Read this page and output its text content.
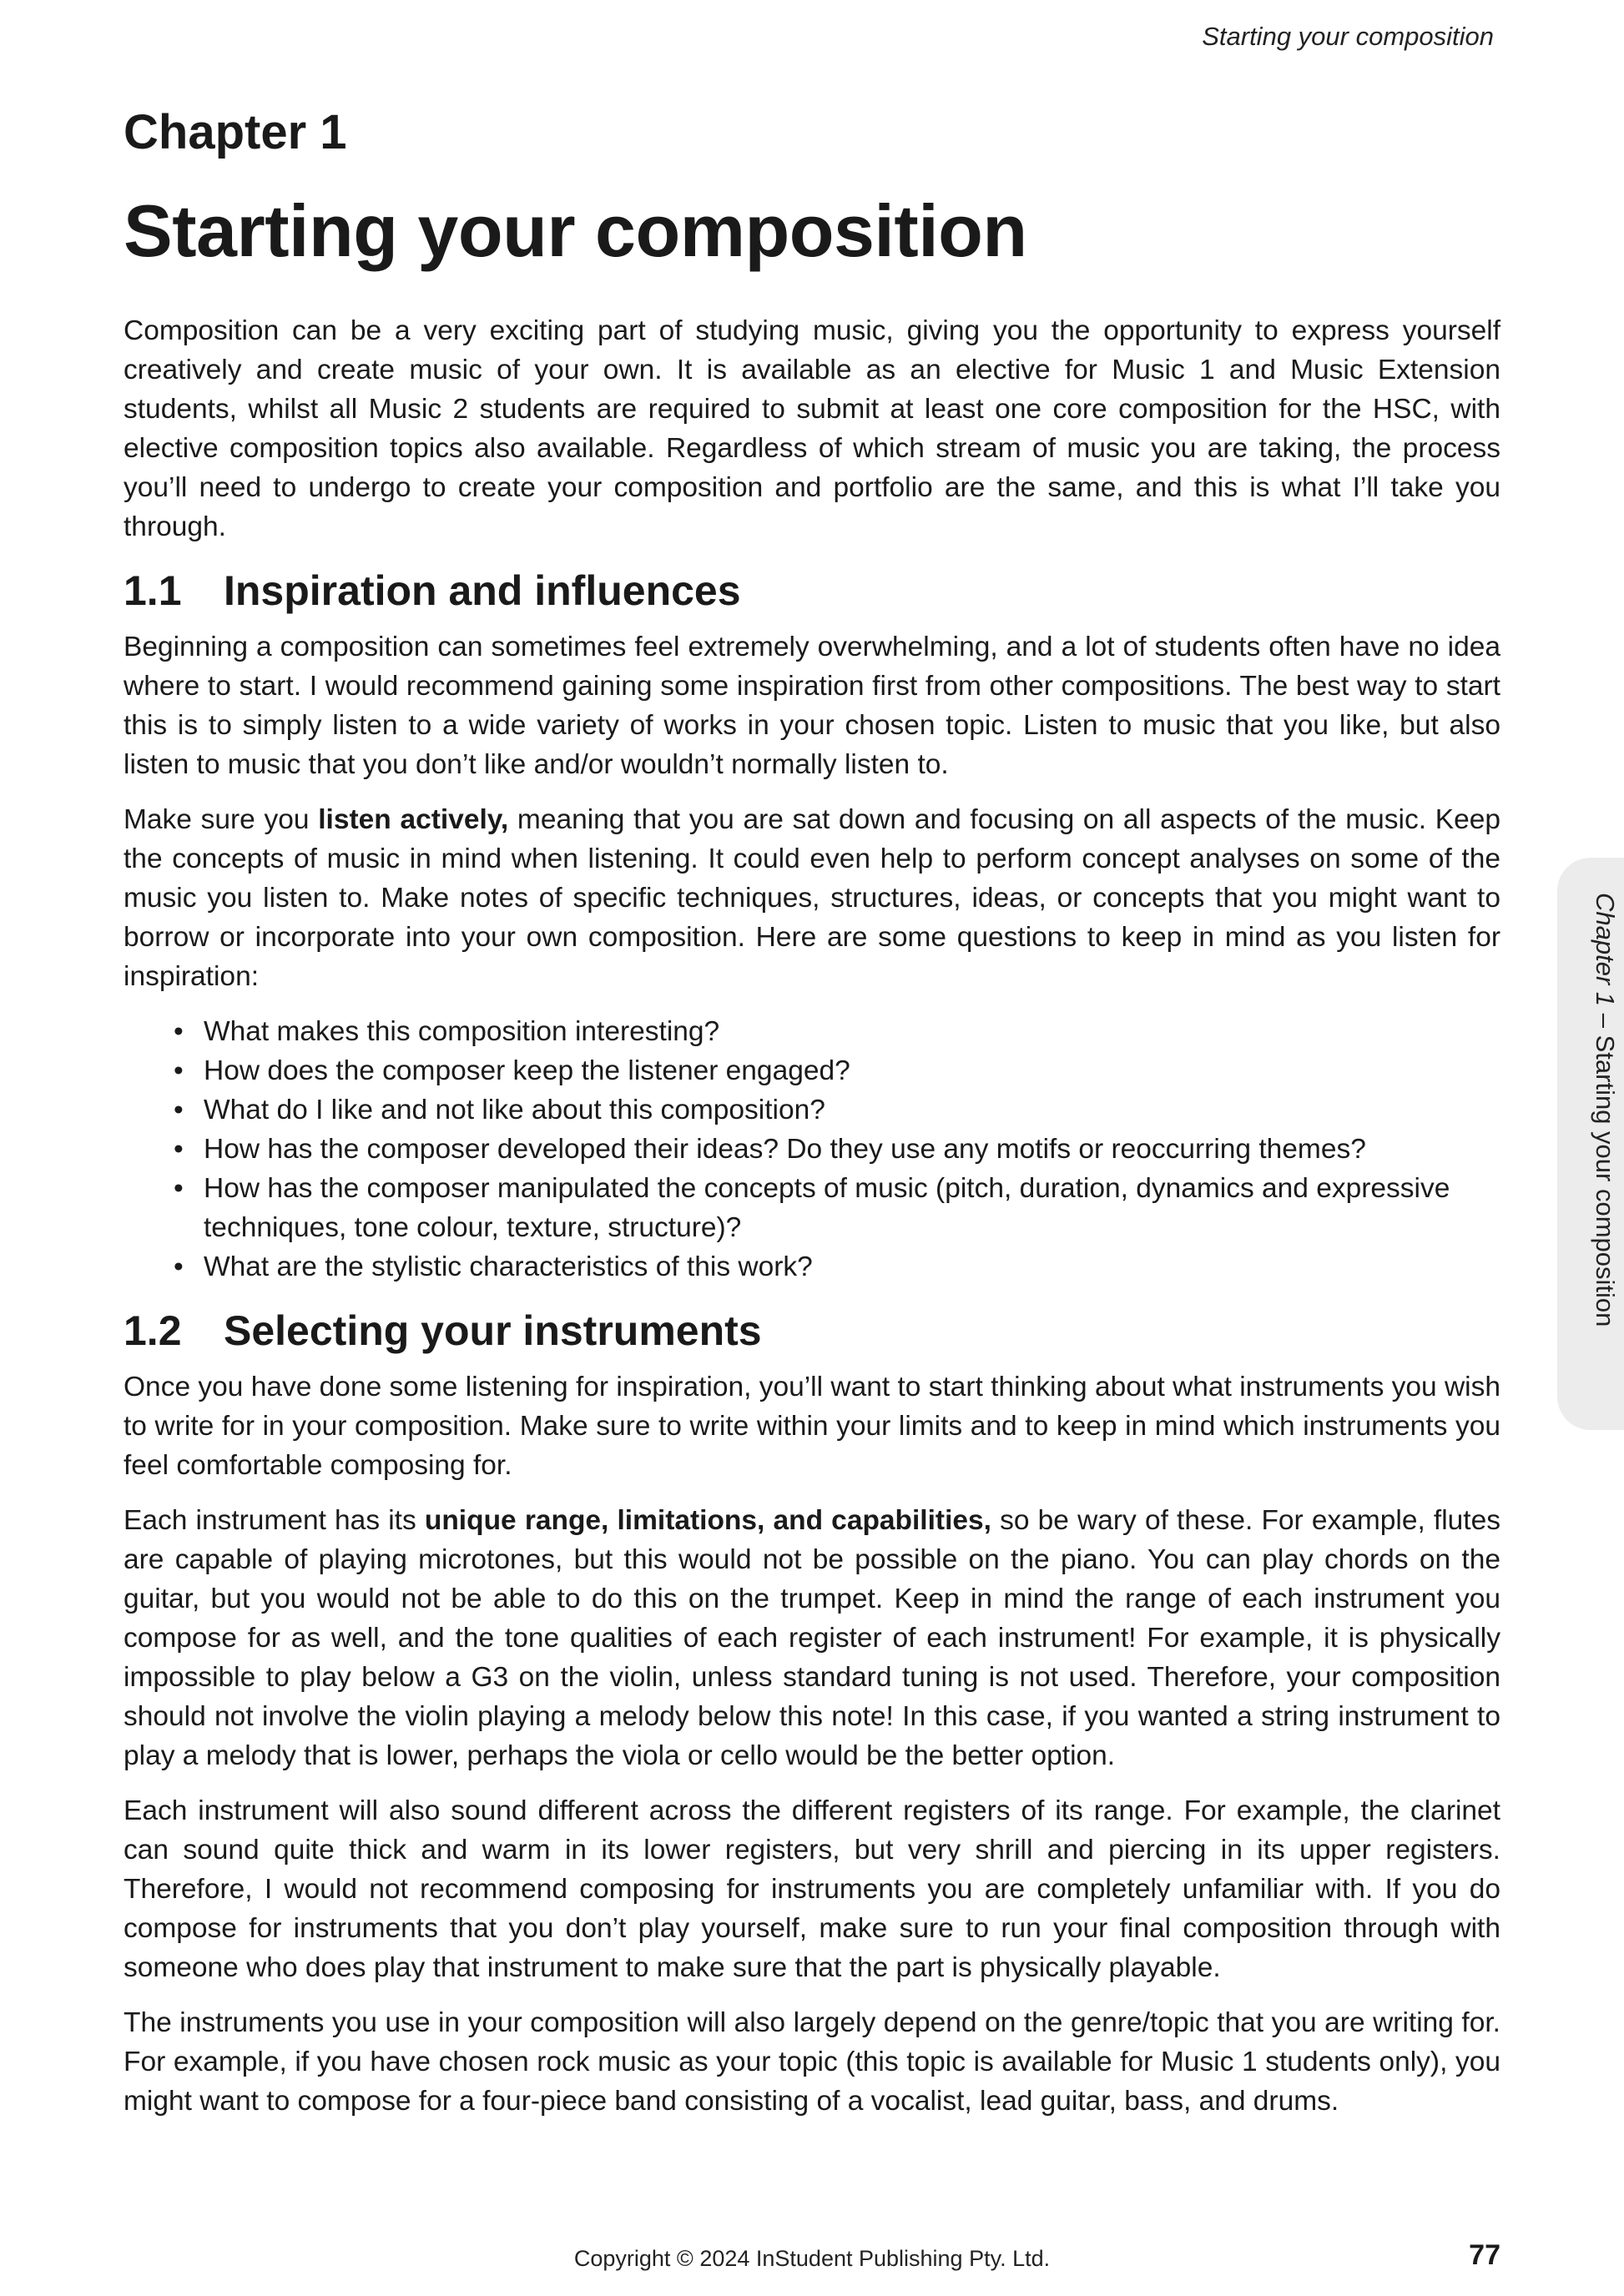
Starting your composition
Chapter 1 – Starting your composition
Chapter 1
Starting your composition

Composition can be a very exciting part of studying music, giving you the opportunity to express yourself creatively and create music of your own. It is available as an elective for Music 1 and Music Extension students, whilst all Music 2 students are required to submit at least one core composition for the HSC, with elective composition topics also available. Regardless of which stream of music you are taking, the process you’ll need to undergo to create your composition and portfolio are the same, and this is what I’ll take you through.

1.1 Inspiration and influences

Beginning a composition can sometimes feel extremely overwhelming, and a lot of students often have no idea where to start. I would recommend gaining some inspiration first from other compositions. The best way to start this is to simply listen to a wide variety of works in your chosen topic. Listen to music that you like, but also listen to music that you don’t like and/or wouldn’t normally listen to.

Make sure you listen actively, meaning that you are sat down and focusing on all aspects of the music. Keep the concepts of music in mind when listening. It could even help to perform concept analyses on some of the music you listen to. Make notes of specific techniques, structures, ideas, or concepts that you might want to borrow or incorporate into your own composition. Here are some questions to keep in mind as you listen for inspiration:

• What makes this composition interesting?
• How does the composer keep the listener engaged?
• What do I like and not like about this composition?
• How has the composer developed their ideas? Do they use any motifs or reoccurring themes?
• How has the composer manipulated the concepts of music (pitch, duration, dynamics and expressive techniques, tone colour, texture, structure)?
• What are the stylistic characteristics of this work?
1.2 Selecting your instruments

Once you have done some listening for inspiration, you’ll want to start thinking about what instruments you wish to write for in your composition. Make sure to write within your limits and to keep in mind which instruments you feel comfortable composing for.

Each instrument has its unique range, limitations, and capabilities, so be wary of these. For example, flutes are capable of playing microtones, but this would not be possible on the piano. You can play chords on the guitar, but you would not be able to do this on the trumpet. Keep in mind the range of each instrument you compose for as well, and the tone qualities of each register of each instrument! For example, it is physically impossible to play below a G3 on the violin, unless standard tuning is not used. Therefore, your composition should not involve the violin playing a melody below this note! In this case, if you wanted a string instrument to play a melody that is lower, perhaps the viola or cello would be the better option.

Each instrument will also sound different across the different registers of its range. For example, the clarinet can sound quite thick and warm in its lower registers, but very shrill and piercing in its upper registers. Therefore, I would not recommend composing for instruments you are completely unfamiliar with. If you do compose for instruments that you don’t play yourself, make sure to run your final composition through with someone who does play that instrument to make sure that the part is physically playable.

The instruments you use in your composition will also largely depend on the genre/topic that you are writing for. For example, if you have chosen rock music as your topic (this topic is available for Music 1 students only), you might want to compose for a four-piece band consisting of a vocalist, lead guitar, bass, and drums.

Copyright © 2024 InStudent Publishing Pty. Ltd.	77
